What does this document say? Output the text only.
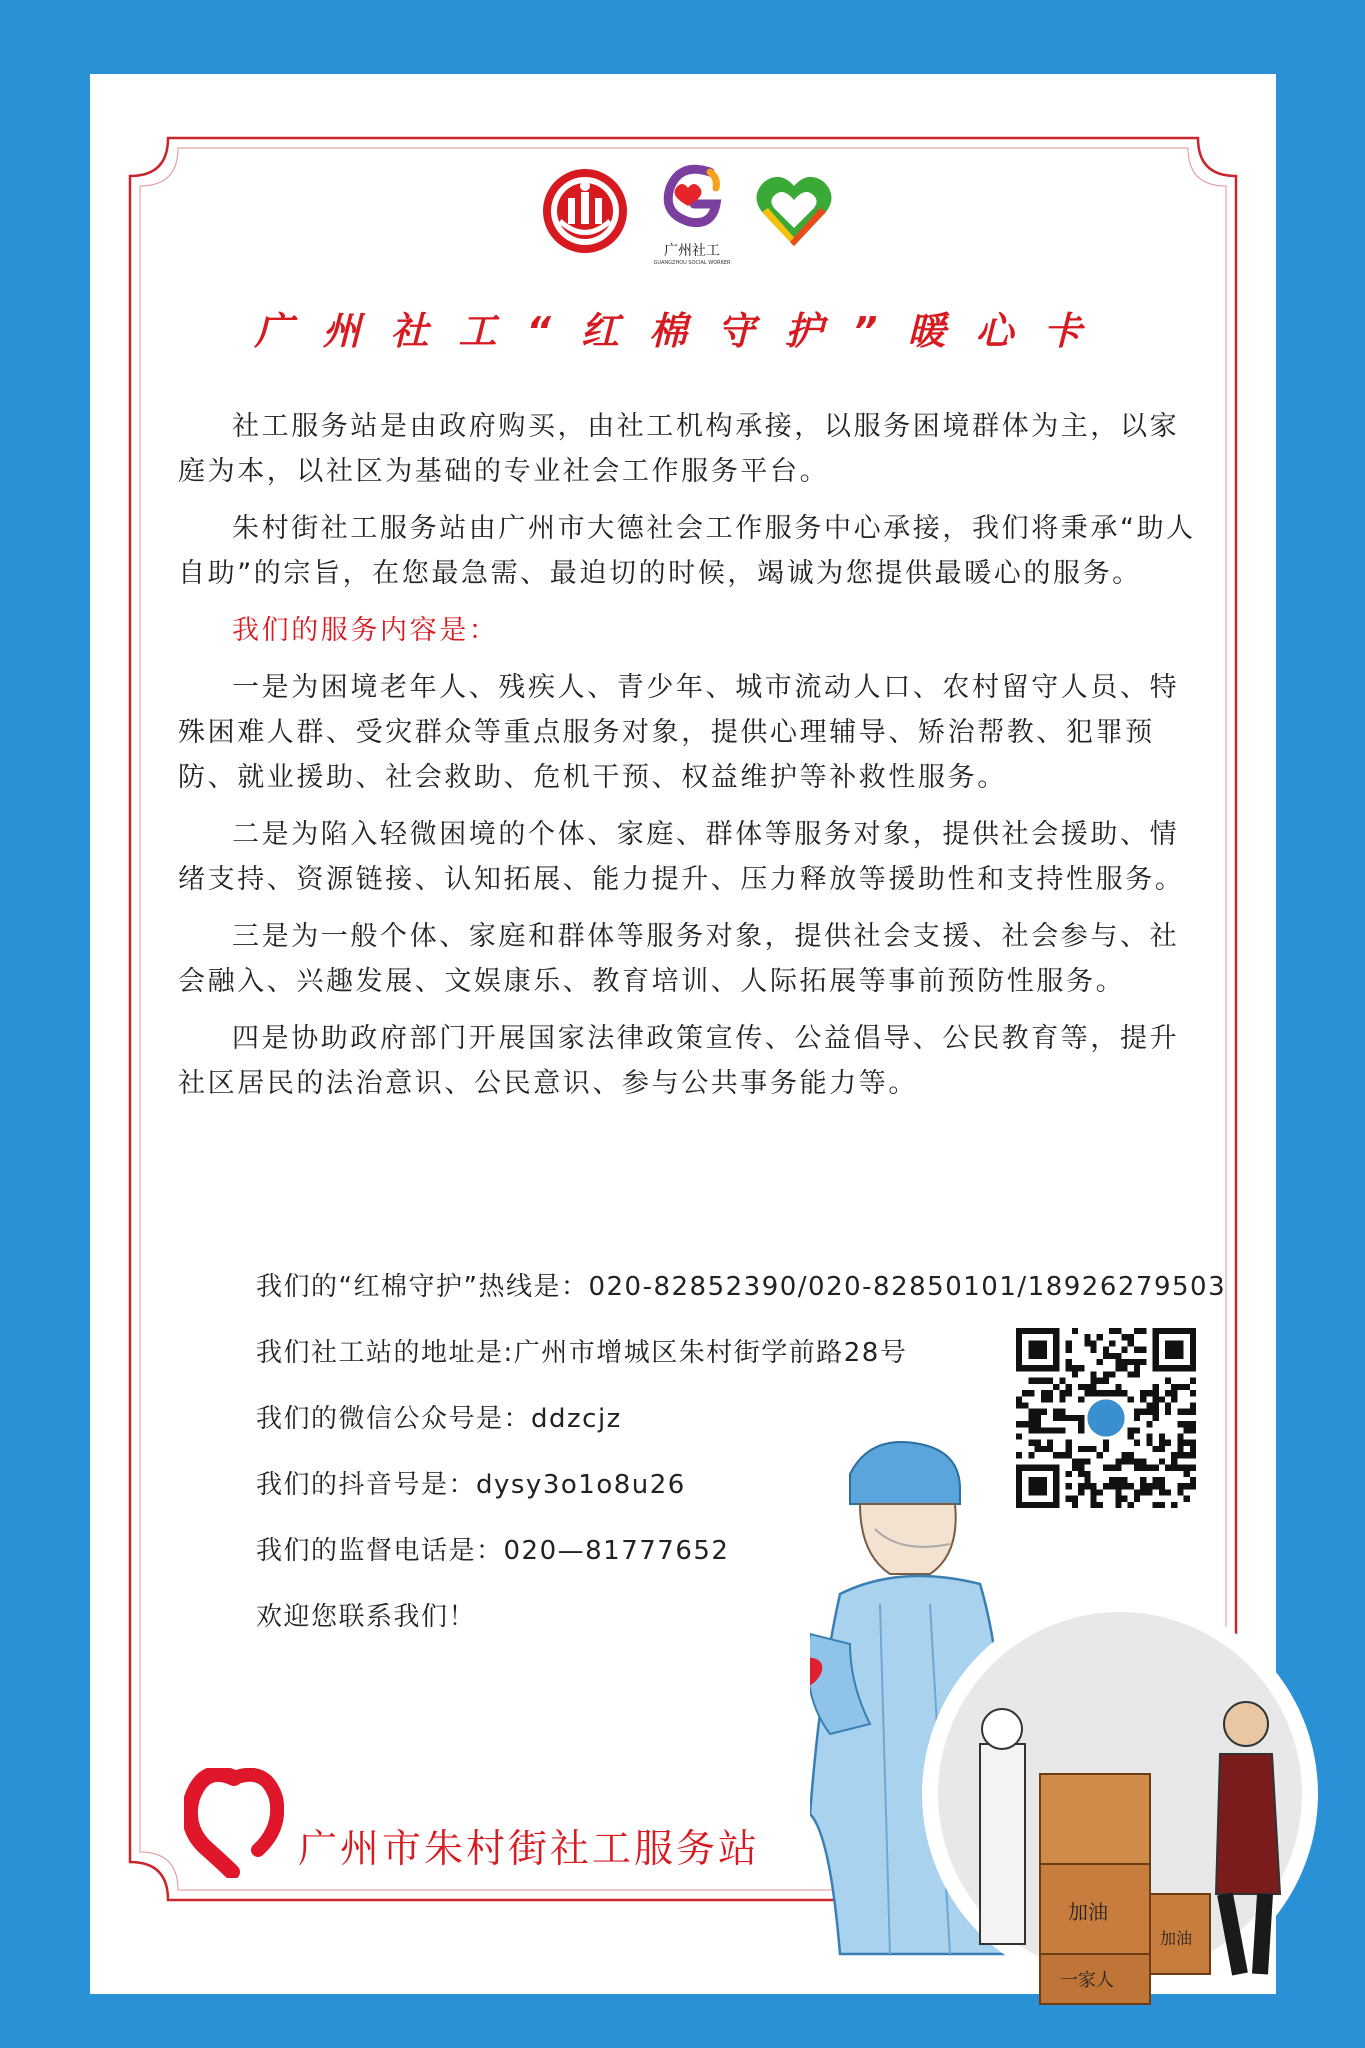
广州社工
GUANGZHOU SOCIAL WORKER
广州社工“红棉守护”暖心卡

社工服务站是由政府购买，由社工机构承接，以服务困境群体为主，以家庭为本，以社区为基础的专业社会工作服务平台。

朱村街社工服务站由广州市大德社会工作服务中心承接，我们将秉承“助人自助”的宗旨，在您最急需、最迫切的时候，竭诚为您提供最暖心的服务。

我们的服务内容是：

一是为困境老年人、残疾人、青少年、城市流动人口、农村留守人员、特殊困难人群、受灾群众等重点服务对象，提供心理辅导、矫治帮教、犯罪预防、就业援助、社会救助、危机干预、权益维护等补救性服务。

二是为陷入轻微困境的个体、家庭、群体等服务对象，提供社会援助、情绪支持、资源链接、认知拓展、能力提升、压力释放等援助性和支持性服务。

三是为一般个体、家庭和群体等服务对象，提供社会支援、社会参与、社会融入、兴趣发展、文娱康乐、教育培训、人际拓展等事前预防性服务。

四是协助政府部门开展国家法律政策宣传、公益倡导、公民教育等，提升社区居民的法治意识、公民意识、参与公共事务能力等。

我们的“红棉守护”热线是：020-82852390/020-82850101/18926279503
我们社工站的地址是:广州市增城区朱村街学前路28号
我们的微信公众号是：ddzcjz
我们的抖音号是：dysy3o1o8u26
我们的监督电话是：020—81777652
欢迎您联系我们！
加油
一家人
加油
广州市朱村街社工服务站
